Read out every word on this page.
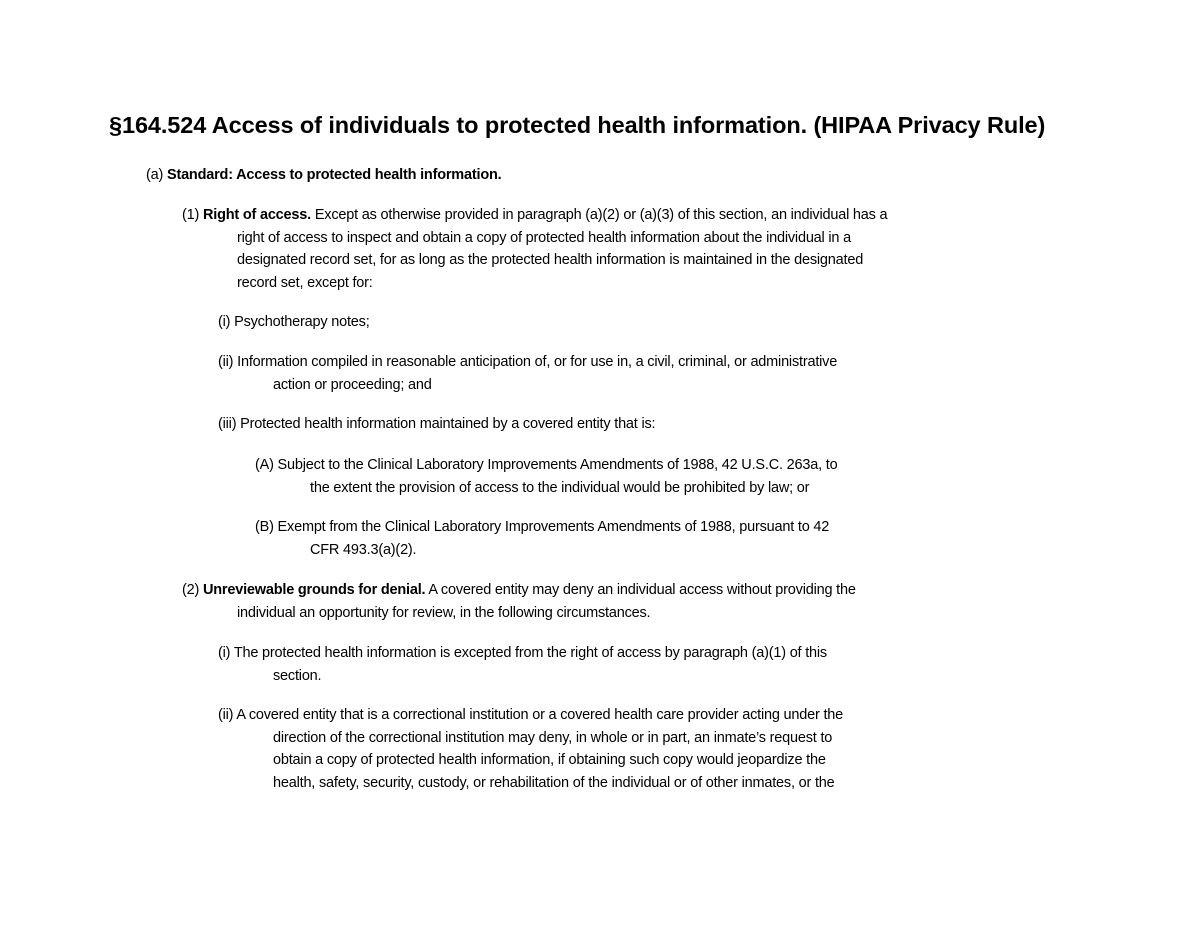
§164.524 Access of individuals to protected health information. (HIPAA Privacy Rule)

(a) Standard: Access to protected health information.

(1) Right of access. Except as otherwise provided in paragraph (a)(2) or (a)(3) of this section, an individual has a
right of access to inspect and obtain a copy of protected health information about the individual in a
designated record set, for as long as the protected health information is maintained in the designated
record set, except for:

(i) Psychotherapy notes;

(ii) Information compiled in reasonable anticipation of, or for use in, a civil, criminal, or administrative
action or proceeding; and

(iii) Protected health information maintained by a covered entity that is:

(A) Subject to the Clinical Laboratory Improvements Amendments of 1988, 42 U.S.C. 263a, to
the extent the provision of access to the individual would be prohibited by law; or

(B) Exempt from the Clinical Laboratory Improvements Amendments of 1988, pursuant to 42
CFR 493.3(a)(2).

(2) Unreviewable grounds for denial. A covered entity may deny an individual access without providing the
individual an opportunity for review, in the following circumstances.

(i) The protected health information is excepted from the right of access by paragraph (a)(1) of this
section.

(ii) A covered entity that is a correctional institution or a covered health care provider acting under the
direction of the correctional institution may deny, in whole or in part, an inmate’s request to
obtain a copy of protected health information, if obtaining such copy would jeopardize the
health, safety, security, custody, or rehabilitation of the individual or of other inmates, or the
